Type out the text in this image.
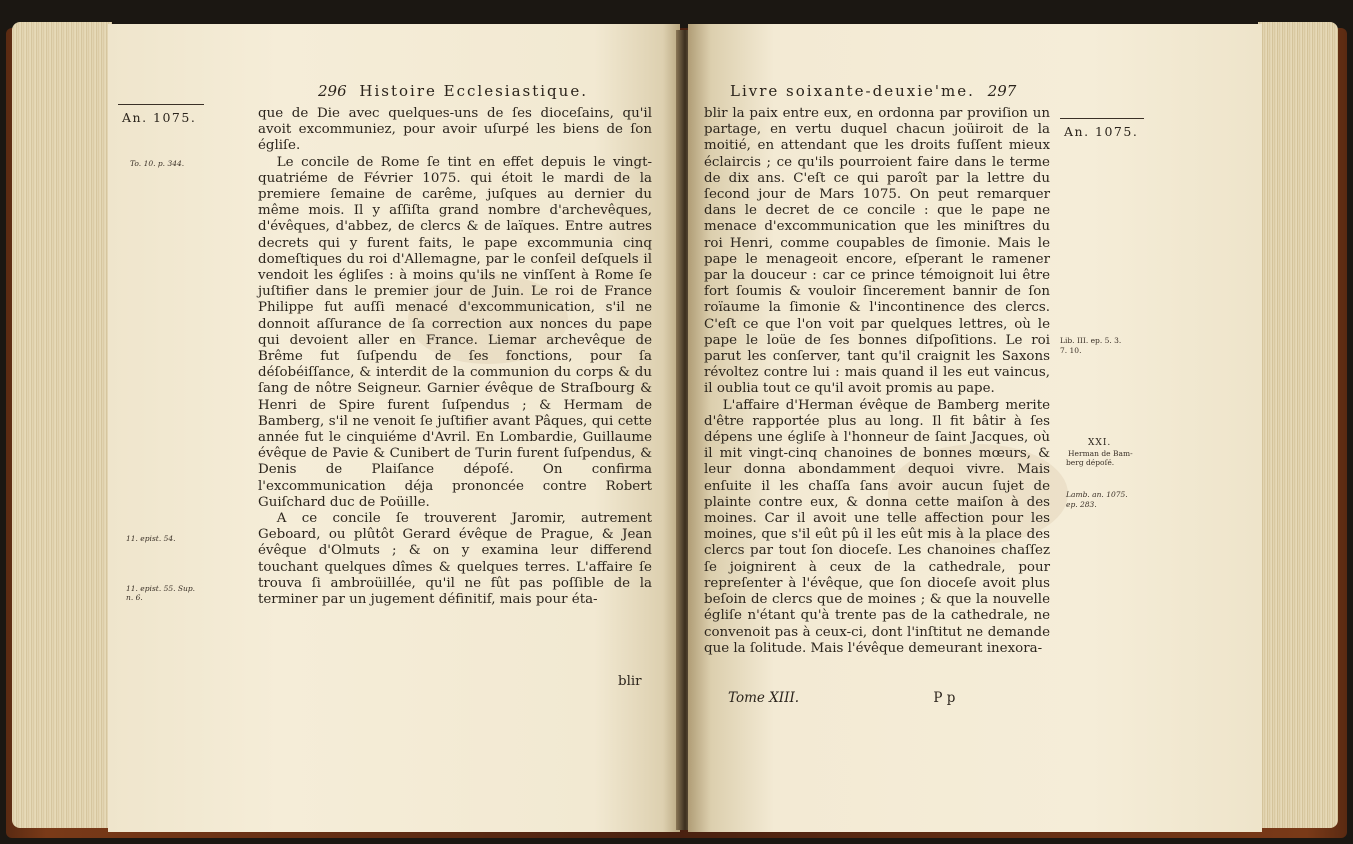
296 Histoire Ecclesiastique.
An. 1075.
To. 10. p. 344.
11. epist. 54.
11. epist. 55. Sup.
n. 6.

que de Die avec quelques-uns de ſes dioceſains, qu'il avoit excommuniez, pour avoir uſurpé les biens de ſon égliſe.

Le concile de Rome ſe tint en effet depuis le vingt-quatriéme de Février 1075. qui étoit le mardi de la premiere ſemaine de carême, juſques au dernier du même mois. Il y aſſiſta grand nombre d'archevêques, d'évêques, d'abbez, de clercs & de laïques. Entre autres decrets qui y furent faits, le pape excommunia cinq domeſtiques du roi d'Allemagne, par le conſeil deſquels il vendoit les égliſes : à moins qu'ils ne vinſſent à Rome ſe juſtifier dans le premier jour de Juin. Le roi de France Philippe fut auſſi menacé d'excommunication, s'il ne donnoit aſſurance de ſa correction aux nonces du pape qui devoient aller en France. Liemar archevêque de Brême fut ſuſpendu de ſes fonctions, pour ſa déſobéiſſance, & interdit de la communion du corps & du ſang de nôtre Seigneur. Garnier évêque de Straſbourg & Henri de Spire furent ſuſpendus ; & Hermam de Bamberg, s'il ne venoit ſe juſtifier avant Pâques, qui cette année fut le cinquiéme d'Avril. En Lombardie, Guillaume évêque de Pavie & Cunibert de Turin furent ſuſpendus, & Denis de Plaiſance dépoſé. On confirma l'excommunication déja prononcée contre Robert Guiſchard duc de Poüille.

A ce concile ſe trouverent Jaromir, autrement Geboard, ou plûtôt Gerard évêque de Prague, & Jean évêque d'Olmuts ; & on y examina leur differend touchant quelques dîmes & quelques terres. L'affaire ſe trouva ſi ambroüillée, qu'il ne fût pas poſſible de la terminer par un jugement définitif, mais pour éta-

blir
Livre soixante-deuxie'me. 297
An. 1075.
Lib. III. ep. 5. 3.
7. 10.
XXI.
Herman de Bam-
berg dépoſé.
Lamb. an. 1075.
ep. 283.

blir la paix entre eux, en ordonna par proviſion un partage, en vertu duquel chacun joüiroit de la moitié, en attendant que les droits fuſſent mieux éclaircis ; ce qu'ils pourroient faire dans le terme de dix ans. C'eſt ce qui paroît par la lettre du ſecond jour de Mars 1075. On peut remarquer dans le decret de ce concile : que le pape ne menace d'excommunication que les miniſtres du roi Henri, comme coupables de ſimonie. Mais le pape le menageoit encore, eſperant le ramener par la douceur : car ce prince témoignoit lui être fort ſoumis & vouloir ſincerement bannir de ſon roïaume la ſimonie & l'incontinence des clercs. C'eſt ce que l'on voit par quelques lettres, où le pape le loüe de ſes bonnes diſpoſitions. Le roi parut les conſerver, tant qu'il craignit les Saxons révoltez contre lui : mais quand il les eut vaincus, il oublia tout ce qu'il avoit promis au pape.

L'affaire d'Herman évêque de Bamberg merite d'être rapportée plus au long. Il fit bâtir à ſes dépens une égliſe à l'honneur de ſaint Jacques, où il mit vingt-cinq chanoines de bonnes mœurs, & leur donna abondamment dequoi vivre. Mais enſuite il les chaſſa ſans avoir aucun ſujet de plainte contre eux, & donna cette maiſon à des moines. Car il avoit une telle affection pour les moines, que s'il eût pû il les eût mis à la place des clercs par tout ſon dioceſe. Les chanoines chaſſez ſe joignirent à ceux de la cathedrale, pour repreſenter à l'évêque, que ſon dioceſe avoit plus beſoin de clercs que de moines ; & que la nouvelle égliſe n'étant qu'à trente pas de la cathedrale, ne convenoit pas à ceux-ci, dont l'inſtitut ne demande que la ſolitude. Mais l'évêque demeurant inexora-

Tome XIII.	P p
